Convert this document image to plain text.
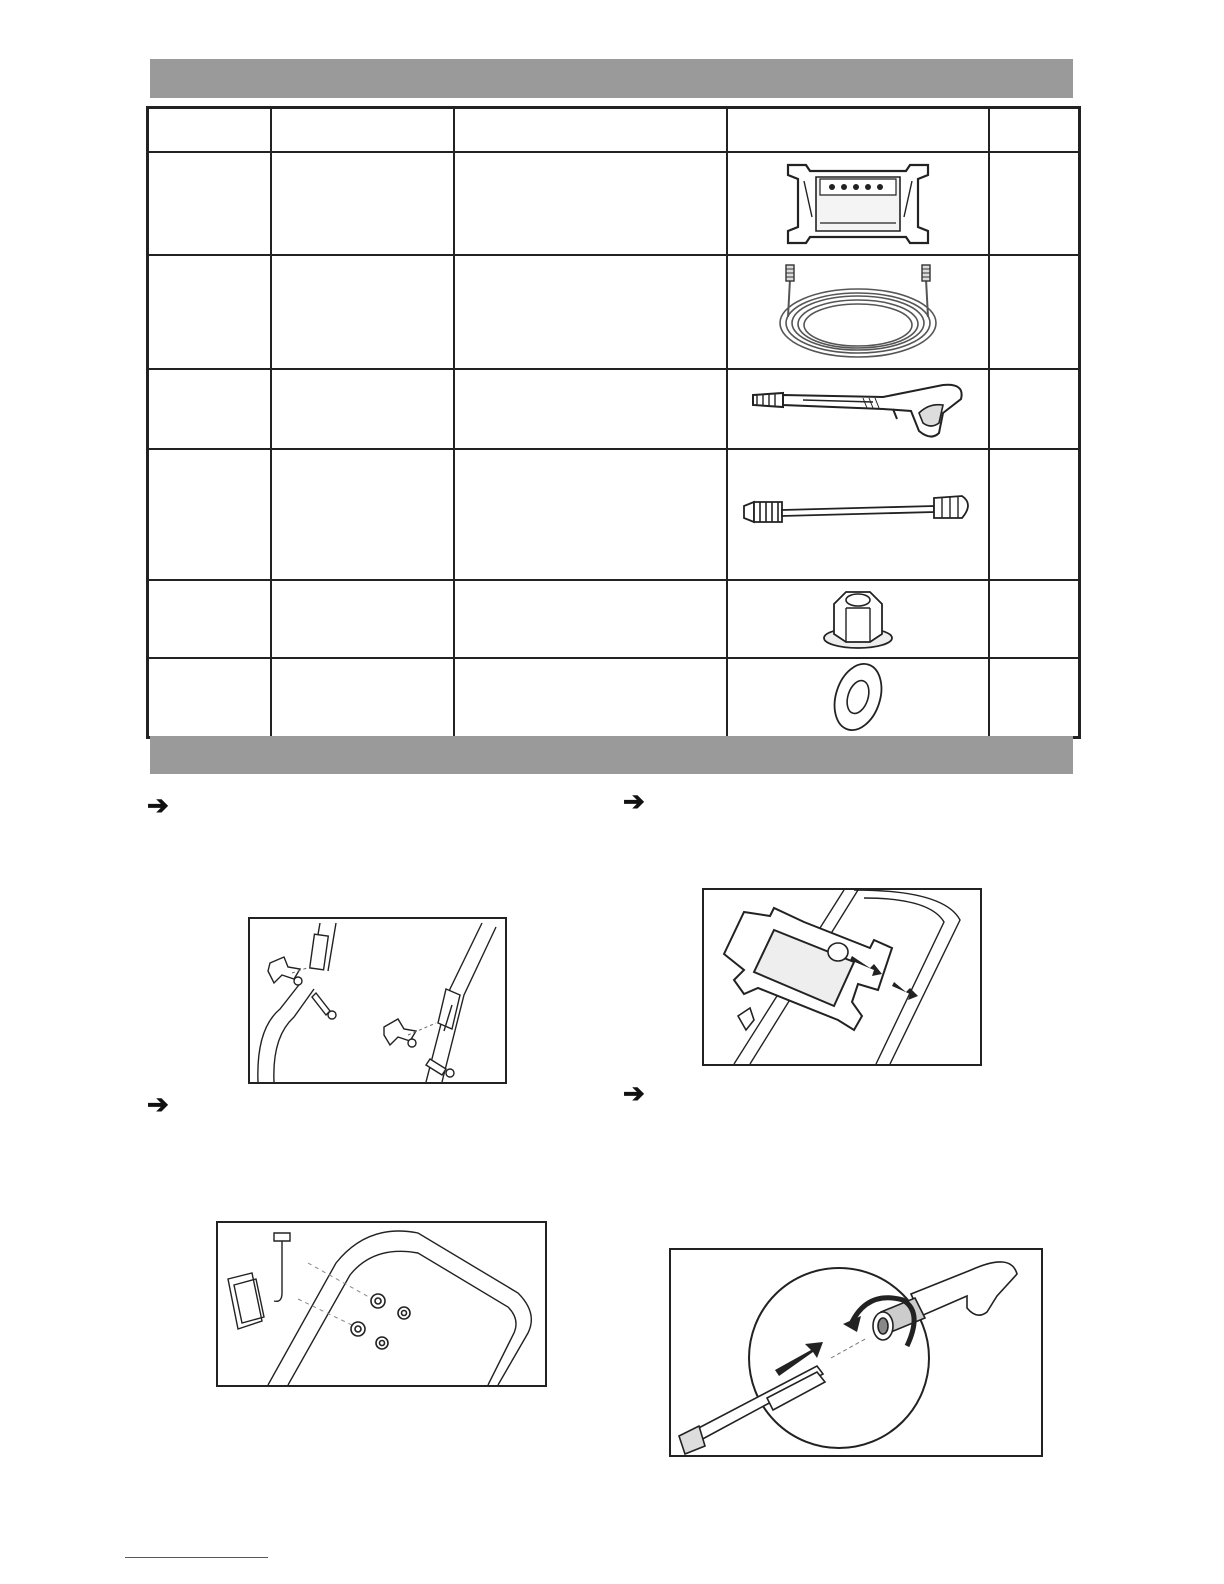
➔
➔
➔
➔
